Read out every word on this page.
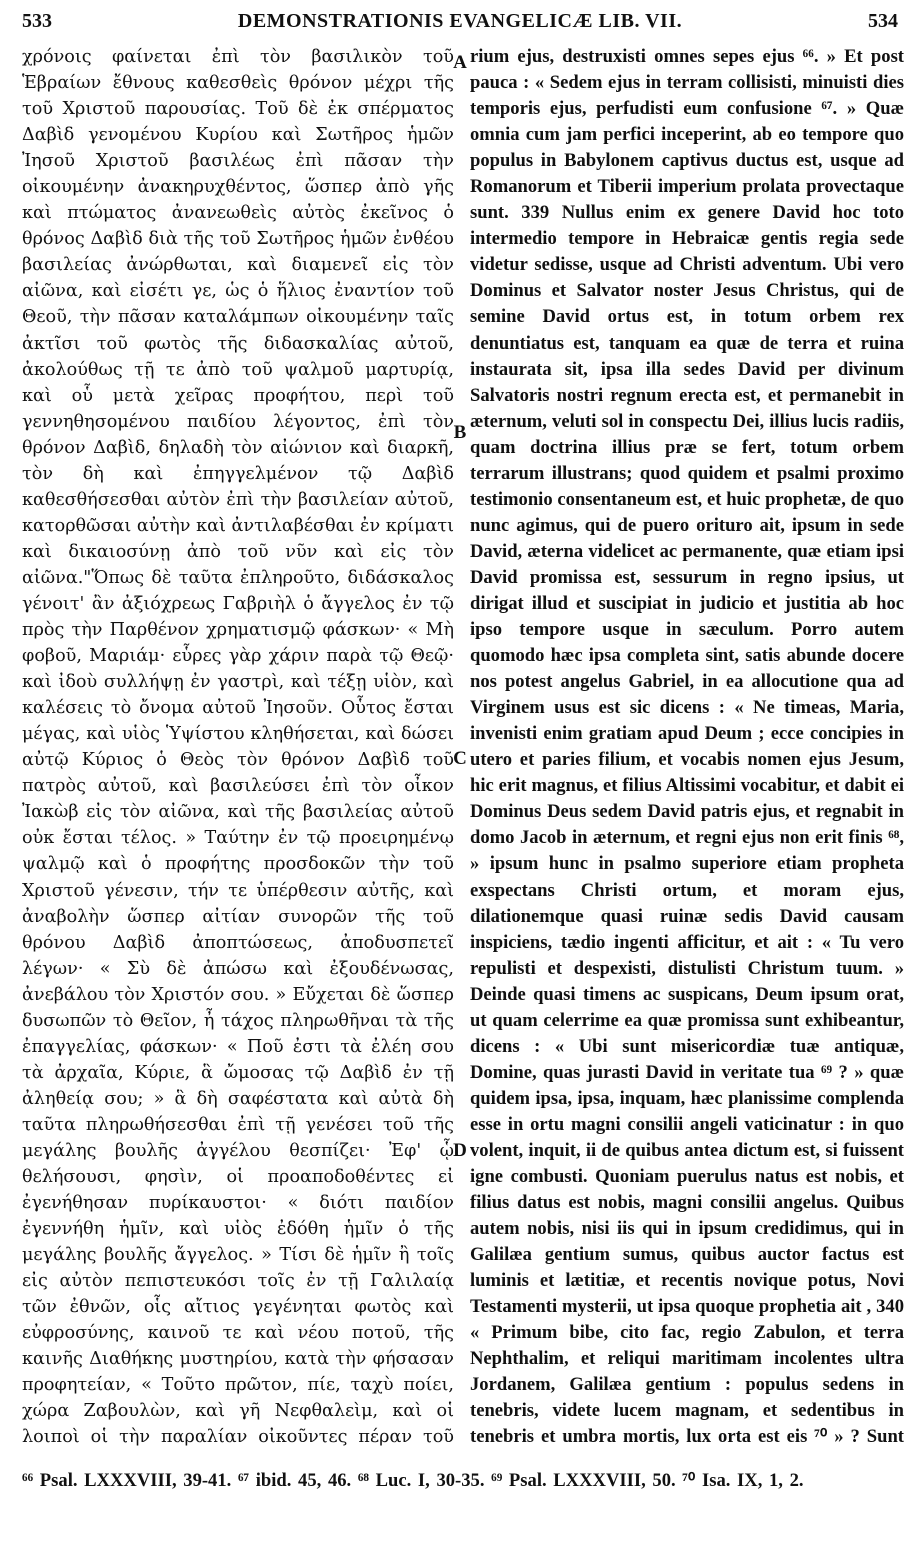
533	DEMONSTRATIONIS EVANGELICÆ LIB. VII.	534
χρόνοις φαίνεται ἐπὶ τὸν βασιλικὸν τοῦ Ἑβραίων ἔθνους καθεσθεὶς θρόνον μέχρι τῆς τοῦ Χριστοῦ παρουσίας. Τοῦ δὲ ἐκ σπέρματος Δαβὶδ γενομένου Κυρίου καὶ Σωτῆρος ἡμῶν Ἰησοῦ Χριστοῦ βασιλέως ἐπὶ πᾶσαν τὴν οἰκουμένην ἀνακηρυχθέντος, ὥσπερ ἀπὸ γῆς καὶ πτώματος ἀνανεωθεὶς αὐτὸς ἐκεῖνος ὁ θρόνος Δαβὶδ διὰ τῆς τοῦ Σωτῆρος ἡμῶν ἐνθέου βασιλείας ἀνώρθωται, καὶ διαμενεῖ εἰς τὸν αἰῶνα, καὶ εἰσέτι γε, ὡς ὁ ἥλιος ἐναντίον τοῦ Θεοῦ, τὴν πᾶσαν καταλάμπων οἰκουμένην ταῖς ἀκτῖσι τοῦ φωτὸς τῆς διδασκαλίας αὐτοῦ, ἀκολούθως τῇ τε ἀπὸ τοῦ ψαλμοῦ μαρτυρίᾳ, καὶ οὗ μετὰ χεῖρας προφήτου, περὶ τοῦ γεννηθησομένου παιδίου λέγοντος, ἐπὶ τὸν θρόνον Δαβὶδ, δηλαδὴ τὸν αἰώνιον καὶ διαρκῆ, τὸν δὴ καὶ ἐπηγγελμένον τῷ Δαβὶδ καθεσθήσεσθαι αὐτὸν ἐπὶ τὴν βασιλείαν αὐτοῦ, κατορθῶσαι αὐτὴν καὶ ἀντιλαβέσθαι ἐν κρίματι καὶ δικαιοσύνῃ ἀπὸ τοῦ νῦν καὶ εἰς τὸν αἰῶνα."Ὅπως δὲ ταῦτα ἐπληροῦτο, διδάσκαλος γένοιτ' ἂν ἀξιόχρεως Γαβριὴλ ὁ ἄγγελος ἐν τῷ πρὸς τὴν Παρθένον χρηματισμῷ φάσκων· « Μὴ φοβοῦ, Μαριάμ· εὗρες γὰρ χάριν παρὰ τῷ Θεῷ· καὶ ἰδοὺ συλλήψῃ ἐν γαστρὶ, καὶ τέξῃ υἱὸν, καὶ καλέσεις τὸ ὄνομα αὐτοῦ Ἰησοῦν. Οὗτος ἔσται μέγας, καὶ υἱὸς Ὑψίστου κληθήσεται, καὶ δώσει αὐτῷ Κύριος ὁ Θεὸς τὸν θρόνον Δαβὶδ τοῦ πατρὸς αὐτοῦ, καὶ βασιλεύσει ἐπὶ τὸν οἶκον Ἰακὼβ εἰς τὸν αἰῶνα, καὶ τῆς βασιλείας αὐτοῦ οὐκ ἔσται τέλος. » Ταύτην ἐν τῷ προειρημένῳ ψαλμῷ καὶ ὁ προφήτης προσδοκῶν τὴν τοῦ Χριστοῦ γένεσιν, τήν τε ὑπέρθεσιν αὐτῆς, καὶ ἀναβολὴν ὥσπερ αἰτίαν συνορῶν τῆς τοῦ θρόνου Δαβὶδ ἀποπτώσεως, ἀποδυσπετεῖ λέγων· « Σὺ δὲ ἀπώσω καὶ ἐξουδένωσας, ἀνεβάλου τὸν Χριστόν σου. » Εὔχεται δὲ ὥσπερ δυσωπῶν τὸ Θεῖον, ἦ τάχος πληρωθῆναι τὰ τῆς ἐπαγγελίας, φάσκων· « Ποῦ ἐστι τὰ ἐλέη σου τὰ ἀρχαῖα, Κύριε, ἃ ὤμοσας τῷ Δαβὶδ ἐν τῇ ἀληθείᾳ σου; » ἃ δὴ σαφέστατα καὶ αὐτὰ δὴ ταῦτα πληρωθήσεσθαι ἐπὶ τῇ γενέσει τοῦ τῆς μεγάλης βουλῆς ἀγγέλου θεσπίζει· Ἐφ' ᾧ θελήσουσι, φησὶν, οἱ προαποδοθέντες εἰ ἐγενήθησαν πυρίκαυστοι· « διότι παιδίον ἐγεννήθη ἡμῖν, καὶ υἱὸς ἐδόθη ἡμῖν ὁ τῆς μεγάλης βουλῆς ἄγγελος. » Τίσι δὲ ἡμῖν ἢ τοῖς εἰς αὐτὸν πεπιστευκόσι τοῖς ἐν τῇ Γαλιλαίᾳ τῶν ἐθνῶν, οἷς αἴτιος γεγένηται φωτὸς καὶ εὐφροσύνης, καινοῦ τε καὶ νέου ποτοῦ, τῆς καινῆς Διαθήκης μυστηρίου, κατὰ τὴν φήσασαν προφητείαν, « Τοῦτο πρῶτον, πίε, ταχὺ ποίει, χώρα Ζαβουλὼν, καὶ γῆ Νεφθαλεὶμ, καὶ οἱ λοιποὶ οἱ τὴν παραλίαν οἰκοῦντες πέραν τοῦ
A
B
C
D
rium ejus, destruxisti omnes sepes ejus ⁶⁶. » Et post pauca : « Sedem ejus in terram collisisti, minuisti dies temporis ejus, perfudisti eum confusione ⁶⁷. » Quæ omnia cum jam perfici inceperint, ab eo tempore quo populus in Babylonem captivus ductus est, usque ad Romanorum et Tiberii imperium prolata provectaque sunt. 339 Nullus enim ex genere David hoc toto intermedio tempore in Hebraicæ gentis regia sede videtur sedisse, usque ad Christi adventum. Ubi vero Dominus et Salvator noster Jesus Christus, qui de semine David ortus est, in totum orbem rex denuntiatus est, tanquam ea quæ de terra et ruina instaurata sit, ipsa illa sedes David per divinum Salvatoris nostri regnum erecta est, et permanebit in æternum, veluti sol in conspectu Dei, illius lucis radiis, quam doctrina illius præ se fert, totum orbem terrarum illustrans; quod quidem et psalmi proximo testimonio consentaneum est, et huic prophetæ, de quo nunc agimus, qui de puero orituro ait, ipsum in sede David, æterna videlicet ac permanente, quæ etiam ipsi David promissa est, sessurum in regno ipsius, ut dirigat illud et suscipiat in judicio et justitia ab hoc ipso tempore usque in sæculum. Porro autem quomodo hæc ipsa completa sint, satis abunde docere nos potest angelus Gabriel, in ea allocutione qua ad Virginem usus est sic dicens : « Ne timeas, Maria, invenisti enim gratiam apud Deum ; ecce concipies in utero et paries filium, et vocabis nomen ejus Jesum, hic erit magnus, et filius Altissimi vocabitur, et dabit ei Dominus Deus sedem David patris ejus, et regnabit in domo Jacob in æternum, et regni ejus non erit finis ⁶⁸, » ipsum hunc in psalmo superiore etiam propheta exspectans Christi ortum, et moram ejus, dilationemque quasi ruinæ sedis David causam inspiciens, tædio ingenti afficitur, et ait : « Tu vero repulisti et despexisti, distulisti Christum tuum. » Deinde quasi timens ac suspicans, Deum ipsum orat, ut quam celerrime ea quæ promissa sunt exhibeantur, dicens : « Ubi sunt misericordiæ tuæ antiquæ, Domine, quas jurasti David in veritate tua ⁶⁹ ? » quæ quidem ipsa, ipsa, inquam, hæc planissime complenda esse in ortu magni consilii angeli vaticinatur : in quo volent, inquit, ii de quibus antea dictum est, si fuissent igne combusti. Quoniam puerulus natus est nobis, et filius datus est nobis, magni consilii angelus. Quibus autem nobis, nisi iis qui in ipsum credidimus, qui in Galilæa gentium sumus, quibus auctor factus est luminis et lætitiæ, et recentis novique potus, Novi Testamenti mysterii, ut ipsa quoque prophetia ait , 340 « Primum bibe, cito fac, regio Zabulon, et terra Nephthalim, et reliqui maritimam incolentes ultra Jordanem, Galilæa gentium : populus sedens in tenebris, videte lucem magnam, et sedentibus in tenebris et umbra mortis, lux orta est eis ⁷⁰ » ? Sunt
⁶⁶ Psal. LXXXVIII, 39-41. ⁶⁷ ibid. 45, 46. ⁶⁸ Luc. I, 30-35. ⁶⁹ Psal. LXXXVIII, 50. ⁷⁰ Isa. IX, 1, 2.
